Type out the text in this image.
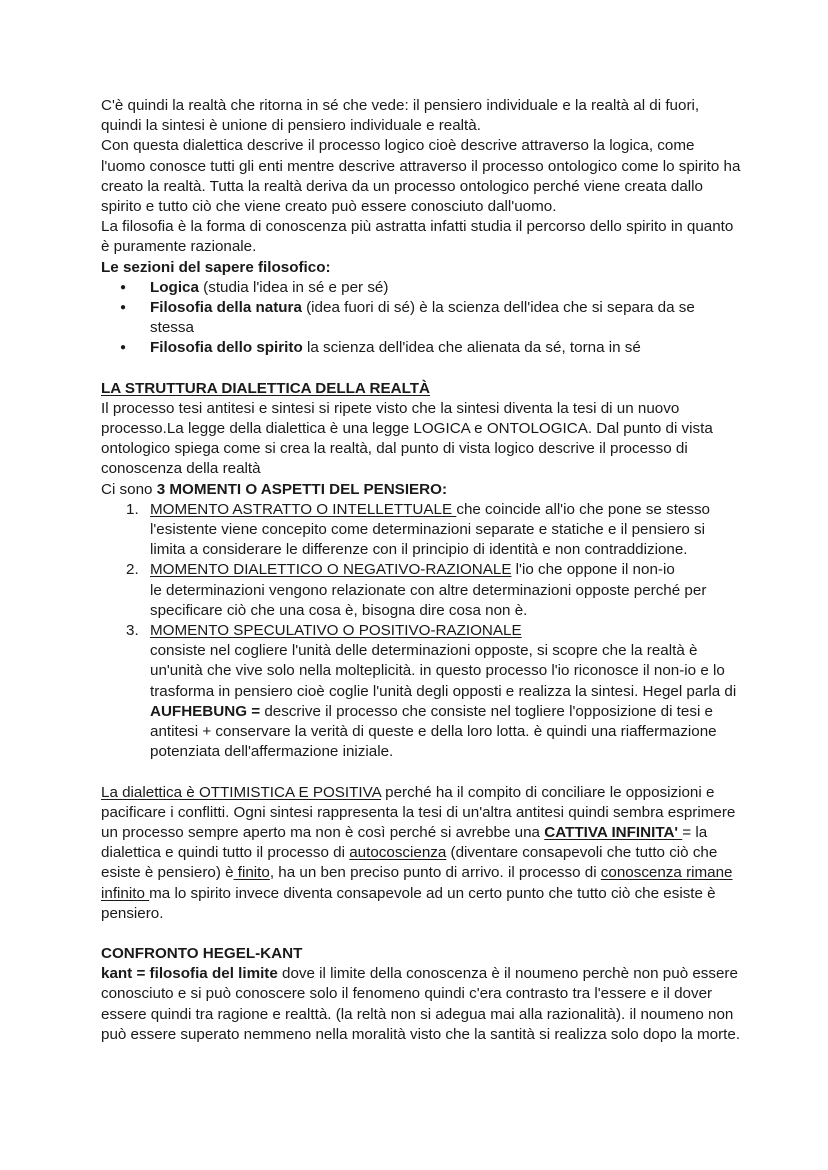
C'è quindi la realtà che ritorna in sé che vede: il pensiero individuale e la realtà al di fuori, quindi la sintesi è unione di pensiero individuale e realtà.

Con questa dialettica descrive il processo logico cioè descrive attraverso la logica, come l'uomo conosce tutti gli enti mentre descrive attraverso il processo ontologico come lo spirito ha creato la realtà. Tutta la realtà deriva da un processo ontologico perché viene creata dallo spirito e tutto ciò che viene creato può essere conosciuto dall'uomo.

La filosofia è la forma di conoscenza più astratta infatti studia il percorso dello spirito in quanto è puramente razionale.

Le sezioni del sapere filosofico:

● Logica (studia l'idea in sé e per sé)
● Filosofia della natura (idea fuori di sé) è la scienza dell'idea che si separa da se stessa
● Filosofia dello spirito la scienza dell'idea che alienata da sé, torna in sé

LA STRUTTURA DIALETTICA DELLA REALTÀ

Il processo tesi antitesi e sintesi si ripete visto che la sintesi diventa la tesi di un nuovo processo.La legge della dialettica è una legge LOGICA e ONTOLOGICA. Dal punto di vista ontologico spiega come si crea la realtà, dal punto di vista logico descrive il processo di conoscenza della realtà

Ci sono 3 MOMENTI O ASPETTI DEL PENSIERO:

1. MOMENTO ASTRATTO O INTELLETTUALE che coincide all'io che pone se stesso l'esistente viene concepito come determinazioni separate e statiche e il pensiero si limita a considerare le differenze con il principio di identità e non contraddizione.
2. MOMENTO DIALETTICO O NEGATIVO-RAZIONALE l'io che oppone il non-io
le determinazioni vengono relazionate con altre determinazioni opposte perché per specificare ciò che una cosa è, bisogna dire cosa non è.
3. MOMENTO SPECULATIVO O POSITIVO-RAZIONALE
consiste nel cogliere l'unità delle determinazioni opposte, si scopre che la realtà è un'unità che vive solo nella molteplicità. in questo processo l'io riconosce il non-io e lo trasforma in pensiero cioè coglie l'unità degli opposti e realizza la sintesi. Hegel parla di AUFHEBUNG = descrive il processo che consiste nel togliere l'opposizione di tesi e antitesi + conservare la verità di queste e della loro lotta. è quindi una riaffermazione potenziata dell'affermazione iniziale.

La dialettica è OTTIMISTICA E POSITIVA perché ha il compito di conciliare le opposizioni e pacificare i conflitti. Ogni sintesi rappresenta la tesi di un'altra antitesi quindi sembra esprimere un processo sempre aperto ma non è così perché si avrebbe una CATTIVA INFINITA' = la dialettica e quindi tutto il processo di autocoscienza (diventare consapevoli che tutto ciò che esiste è pensiero) è finito, ha un ben preciso punto di arrivo. il processo di conoscenza rimane infinito ma lo spirito invece diventa consapevole ad un certo punto che tutto ciò che esiste è pensiero.

CONFRONTO HEGEL-KANT

kant = filosofia del limite dove il limite della conoscenza è il noumeno perchè non può essere conosciuto e si può conoscere solo il fenomeno quindi c'era contrasto tra l'essere e il dover essere quindi tra ragione e realttà. (la reltà non si adegua mai alla razionalità). il noumeno non può essere superato nemmeno nella moralità visto che la santità si realizza solo dopo la morte.
